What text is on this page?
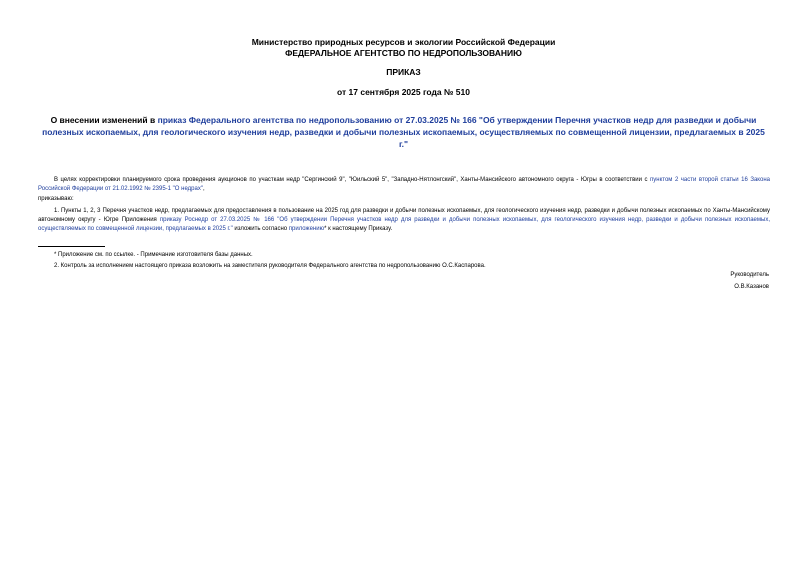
Министерство природных ресурсов и экологии Российской Федерации
ФЕДЕРАЛЬНОЕ АГЕНТСТВО ПО НЕДРОПОЛЬЗОВАНИЮ
ПРИКАЗ
от 17 сентября 2025 года № 510
О внесении изменений в приказ Федерального агентства по недропользованию от 27.03.2025 № 166 "Об утверждении Перечня участков недр для разведки и добычи полезных ископаемых, для геологического изучения недр, разведки и добычи полезных ископаемых, осуществляемых по совмещенной лицензии, предлагаемых в 2025 г."
В целях корректировки планируемого срока проведения аукционов по участкам недр "Сергинский 9", "Юильский 5", "Западно-Нятлонгский", Ханты-Мансийского автономного округа - Югры в соответствии с пунктом 2 части второй статьи 16 Закона Российской Федерации от 21.02.1992 № 2395-1 "О недрах",
приказываю:
1. Пункты 1, 2, 3 Перечня участков недр, предлагаемых для предоставления в пользование на 2025 год для разведки и добычи полезных ископаемых, для геологического изучения недр, разведки и добычи полезных ископаемых по Ханты-Мансийскому автономному округу - Югре Приложения приказу Роснедр от 27.03.2025 № 166 "Об утверждении Перечня участков недр для разведки и добычи полезных ископаемых, для геологического изучения недр, разведки и добычи полезных ископаемых, осуществляемых по совмещенной лицензии, предлагаемых в 2025 г." изложить согласно приложению* к настоящему Приказу.
* Приложение см. по ссылке. - Примечание изготовителя базы данных.
2. Контроль за исполнением настоящего приказа возложить на заместителя руководителя Федерального агентства по недропользованию О.С.Каспарова.
Руководитель
О.В.Казанов
